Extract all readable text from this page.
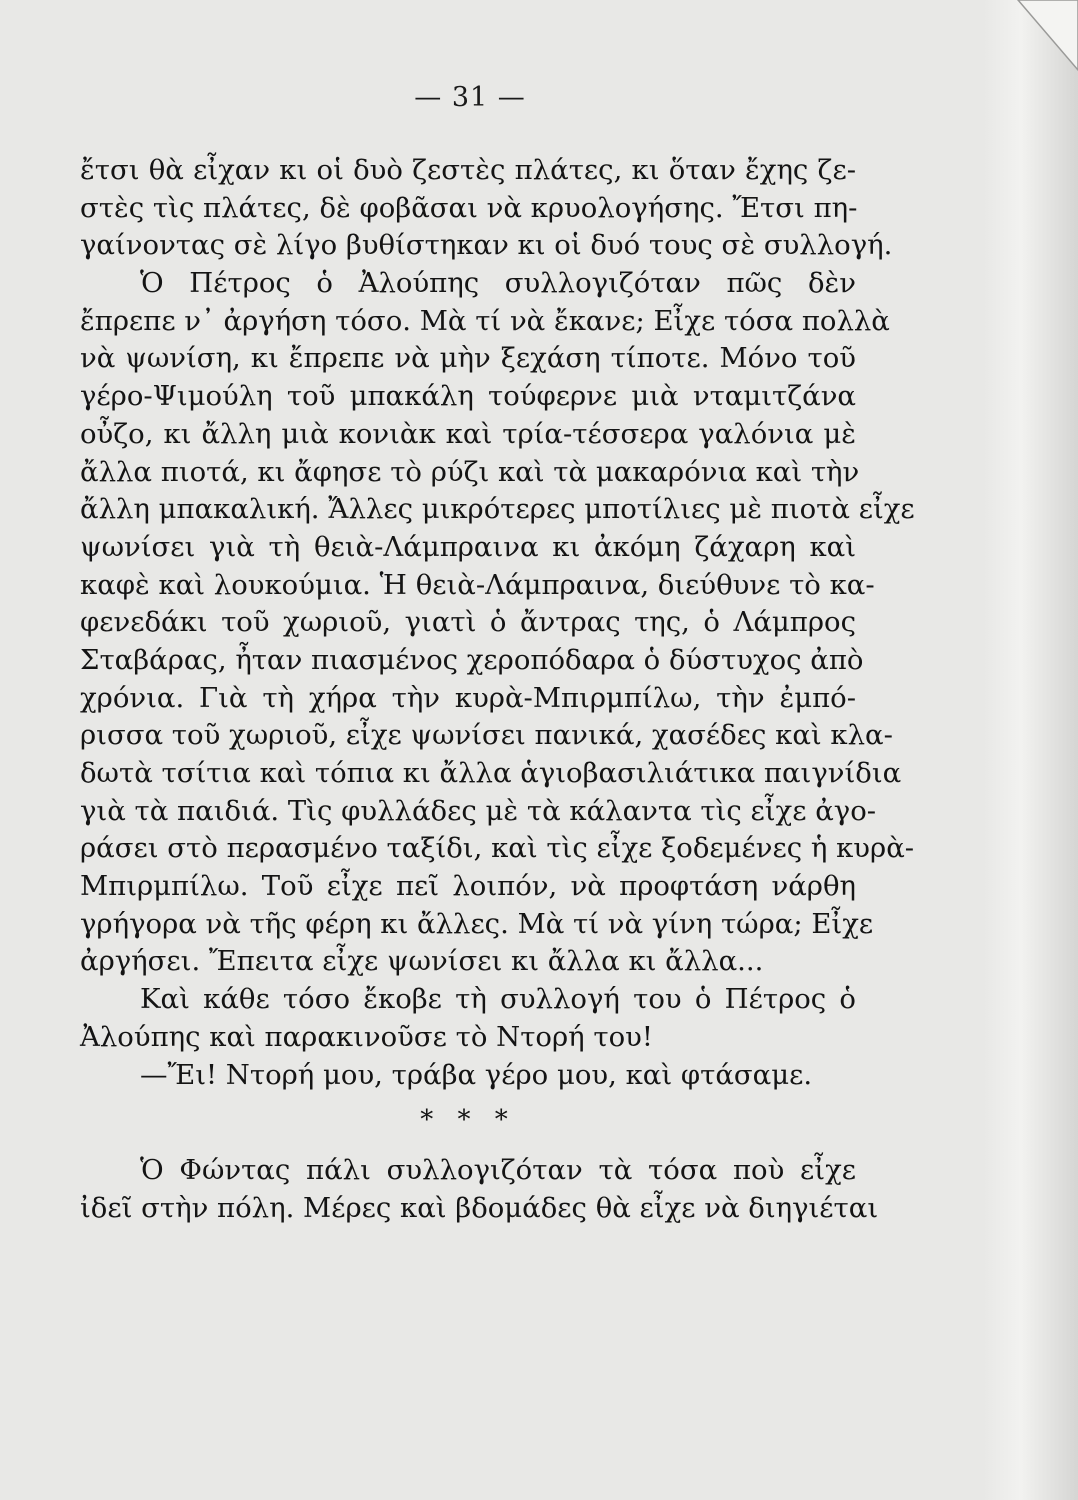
— 31 —
ἔτσι θὰ εἶχαν κι οἱ δυὸ ζεστὲς πλάτες, κι ὅταν ἔχης ζε-
στὲς τὶς πλάτες, δὲ φοβᾶσαι νὰ κρυολογήσης. Ἔτσι πη-
γαίνοντας σὲ λίγο βυθίστηκαν κι οἱ δυό τους σὲ συλλογή.
Ὁ Πέτρος ὁ Ἀλούπης συλλογιζόταν πῶς δὲν
ἔπρεπε ν᾽ ἀργήση τόσο. Μὰ τί νὰ ἔκανε; Εἶχε τόσα πολλὰ
νὰ ψωνίση, κι ἔπρεπε νὰ μὴν ξεχάση τίποτε. Μόνο τοῦ
γέρο-Ψιμούλη τοῦ μπακάλη τούφερνε μιὰ νταμιτζάνα
οὖζο, κι ἄλλη μιὰ κονιὰκ καὶ τρία-τέσσερα γαλόνια μὲ
ἄλλα πιοτά, κι ἄφησε τὸ ρύζι καὶ τὰ μακαρόνια καὶ τὴν
ἄλλη μπακαλική. Ἄλλες μικρότερες μποτίλιες μὲ πιοτὰ εἶχε
ψωνίσει γιὰ τὴ θειὰ-Λάμπραινα κι ἀκόμη ζάχαρη καὶ
καφὲ καὶ λουκούμια. Ἡ θειὰ-Λάμπραινα, διεύθυνε τὸ κα-
φενεδάκι τοῦ χωριοῦ, γιατὶ ὁ ἄντρας της, ὁ Λάμπρος
Σταβάρας, ἦταν πιασμένος χεροπόδαρα ὁ δύστυχος ἀπὸ
χρόνια. Γιὰ τὴ χήρα τὴν κυρὰ-Μπιρμπίλω, τὴν ἐμπό-
ρισσα τοῦ χωριοῦ, εἶχε ψωνίσει πανικά, χασέδες καὶ κλα-
δωτὰ τσίτια καὶ τόπια κι ἄλλα ἁγιοβασιλιάτικα παιγνίδια
γιὰ τὰ παιδιά. Τὶς φυλλάδες μὲ τὰ κάλαντα τὶς εἶχε ἀγο-
ράσει στὸ περασμένο ταξίδι, καὶ τὶς εἶχε ξοδεμένες ἡ κυρὰ-
Μπιρμπίλω. Τοῦ εἶχε πεῖ λοιπόν, νὰ προφτάση νάρθη
γρήγορα νὰ τῆς φέρη κι ἄλλες. Μὰ τί νὰ γίνη τώρα; Εἶχε
ἀργήσει. Ἔπειτα εἶχε ψωνίσει κι ἄλλα κι ἄλλα...
Καὶ κάθε τόσο ἔκοβε τὴ συλλογή του ὁ Πέτρος ὁ
Ἀλούπης καὶ παρακινοῦσε τὸ Ντορή του!
—Ἔι! Ντορή μου, τράβα γέρο μου, καὶ φτάσαμε.
* * *
Ὁ Φώντας πάλι συλλογιζόταν τὰ τόσα ποὺ εἶχε
ἰδεῖ στὴν πόλη. Μέρες καὶ βδομάδες θὰ εἶχε νὰ διηγιέται
